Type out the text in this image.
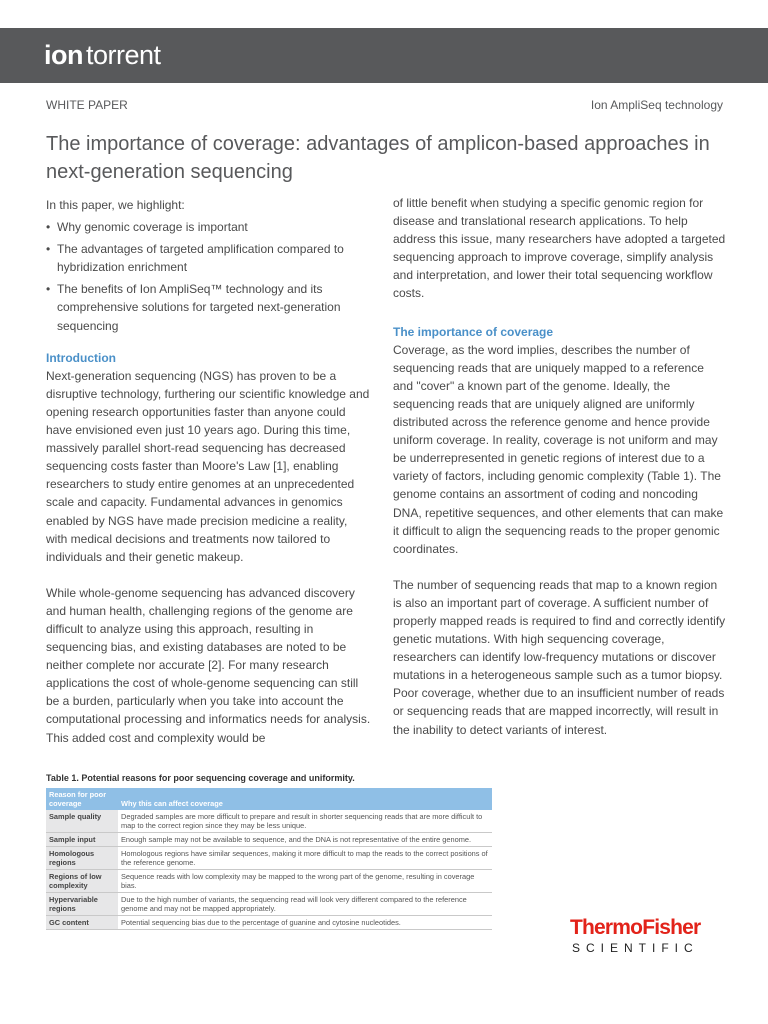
ion torrent
WHITE PAPER	Ion AmpliSeq technology
The importance of coverage: advantages of amplicon-based approaches in next-generation sequencing

In this paper, we highlight:

• Why genomic coverage is important
• The advantages of targeted amplification compared to hybridization enrichment
• The benefits of Ion AmpliSeq™ technology and its comprehensive solutions for targeted next-generation sequencing

Introduction

Next-generation sequencing (NGS) has proven to be a disruptive technology, furthering our scientific knowledge and opening research opportunities faster than anyone could have envisioned even just 10 years ago. During this time, massively parallel short-read sequencing has decreased sequencing costs faster than Moore's Law [1], enabling researchers to study entire genomes at an unprecedented scale and capacity. Fundamental advances in genomics enabled by NGS have made precision medicine a reality, with medical decisions and treatments now tailored to individuals and their genetic makeup.

While whole-genome sequencing has advanced discovery and human health, challenging regions of the genome are difficult to analyze using this approach, resulting in sequencing bias, and existing databases are noted to be neither complete nor accurate [2]. For many research applications the cost of whole-genome sequencing can still be a burden, particularly when you take into account the computational processing and informatics needs for analysis. This added cost and complexity would be

of little benefit when studying a specific genomic region for disease and translational research applications. To help address this issue, many researchers have adopted a targeted sequencing approach to improve coverage, simplify analysis and interpretation, and lower their total sequencing workflow costs.

The importance of coverage

Coverage, as the word implies, describes the number of sequencing reads that are uniquely mapped to a reference and "cover" a known part of the genome. Ideally, the sequencing reads that are uniquely aligned are uniformly distributed across the reference genome and hence provide uniform coverage. In reality, coverage is not uniform and may be underrepresented in genetic regions of interest due to a variety of factors, including genomic complexity (Table 1). The genome contains an assortment of coding and noncoding DNA, repetitive sequences, and other elements that can make it difficult to align the sequencing reads to the proper genomic coordinates.

The number of sequencing reads that map to a known region is also an important part of coverage. A sufficient number of properly mapped reads is required to find and correctly identify genetic mutations. With high sequencing coverage, researchers can identify low-frequency mutations or discover mutations in a heterogeneous sample such as a tumor biopsy. Poor coverage, whether due to an insufficient number of reads or sequencing reads that are mapped incorrectly, will result in the inability to detect variants of interest.

Table 1. Potential reasons for poor sequencing coverage and uniformity.
Reason for poor coverage	Why this can affect coverage
Sample quality	Degraded samples are more difficult to prepare and result in shorter sequencing reads that are more difficult to map to the correct region since they may be less unique.
Sample input	Enough sample may not be available to sequence, and the DNA is not representative of the entire genome.
Homologous regions	Homologous regions have similar sequences, making it more difficult to map the reads to the correct positions of the reference genome.
Regions of low complexity	Sequence reads with low complexity may be mapped to the wrong part of the genome, resulting in coverage bias.
Hypervariable regions	Due to the high number of variants, the sequencing read will look very different compared to the reference genome and may not be mapped appropriately.
GC content	Potential sequencing bias due to the percentage of guanine and cytosine nucleotides.	ThermoFisher
SCIENTIFIC
